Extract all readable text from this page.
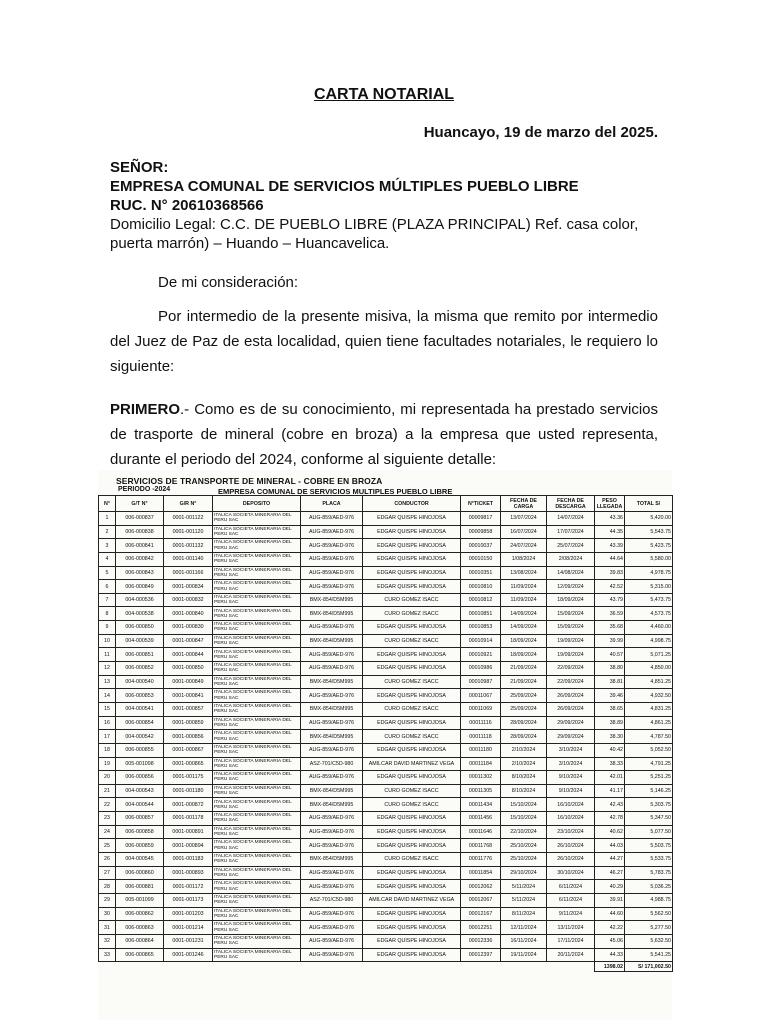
CARTA NOTARIAL
Huancayo, 19 de marzo del 2025.
SEÑOR:
EMPRESA COMUNAL DE SERVICIOS MÚLTIPLES PUEBLO LIBRE
RUC. N° 20610368566
Domicilio Legal: C.C. DE PUEBLO LIBRE (PLAZA PRINCIPAL) Ref. casa color, puerta marrón) – Huando – Huancavelica.
De mi consideración:
Por intermedio de la presente misiva, la misma que remito por intermedio del Juez de Paz de esta localidad, quien tiene facultades notariales, le requiero lo siguiente:
PRIMERO.- Como es de su conocimiento, mi representada ha prestado servicios de trasporte de mineral (cobre en broza) a la empresa que usted representa, durante el periodo del 2024, conforme al siguiente detalle:
SERVICIOS DE TRANSPORTE DE MINERAL - COBRE EN BROZA
PERIODO -2024	EMPRESA COMUNAL DE SERVICIOS MULTIPLES PUEBLO LIBRE
N°	G/T N°	G/R N°	DEPOSITO	PLACA	CONDUCTOR	N°TICKET	FECHA DE CARGA	FECHA DE DESCARGA	PESO LLEGADA	TOTAL S/
1	006-000837	0001-001122	ITALICA SOCIETA MINERARIA DEL PERU SAC	AUG-859/AED-976	EDGAR QUISPE HINOJOSA	00009817	13/07/2024	14/07/2024	43.36	5,420.00
2	006-000838	0001-001120	ITALICA SOCIETA MINERARIA DEL PERU SAC	AUG-859/AED-976	EDGAR QUISPE HINOJOSA	00009858	16/07/2024	17/07/2024	44.35	5,543.75
3	006-000841	0001-001132	ITALICA SOCIETA MINERARIA DEL PERU SAC	AUG-859/AED-976	EDGAR QUISPE HINOJOSA	00010037	24/07/2024	25/07/2024	43.39	5,423.75
4	006-000842	0001-001140	ITALICA SOCIETA MINERARIA DEL PERU SAC	AUG-859/AED-976	EDGAR QUISPE HINOJOSA	00010150	1/08/2024	2/08/2024	44.64	5,580.00
5	006-000843	0001-001166	ITALICA SOCIETA MINERARIA DEL PERU SAC	AUG-859/AED-976	EDGAR QUISPE HINOJOSA	00010351	13/08/2024	14/08/2024	39.83	4,978.75
6	006-000849	0001-000834	ITALICA SOCIETA MINERARIA DEL PERU SAC	AUG-859/AED-976	EDGAR QUISPE HINOJOSA	00010810	11/09/2024	12/09/2024	42.52	5,315.00
7	004-000536	0001-000832	ITALICA SOCIETA MINERARIA DEL PERU SAC	BMX-854/D5M995	CURO GOMEZ ISACC	00010812	11/09/2024	18/09/2024	43.79	5,473.75
8	004-000538	0001-000840	ITALICA SOCIETA MINERARIA DEL PERU SAC	BMX-854/D5M995	CURO GOMEZ ISACC	00010851	14/09/2024	15/09/2024	36.59	4,573.75
9	006-000850	0001-000830	ITALICA SOCIETA MINERARIA DEL PERU SAC	AUG-859/AED-976	EDGAR QUISPE HINOJOSA	00010853	14/09/2024	15/09/2024	35.68	4,460.00
10	004-000539	0001-000847	ITALICA SOCIETA MINERARIA DEL PERU SAC	BMX-854/D5M995	CURO GOMEZ ISACC	00010914	18/09/2024	19/09/2024	39.99	4,998.75
11	006-000851	0001-000844	ITALICA SOCIETA MINERARIA DEL PERU SAC	AUG-859/AED-976	EDGAR QUISPE HINOJOSA	00010921	18/09/2024	19/09/2024	40.57	5,071.25
12	006-000852	0001-000850	ITALICA SOCIETA MINERARIA DEL PERU SAC	AUG-859/AED-976	EDGAR QUISPE HINOJOSA	00010986	21/09/2024	22/09/2024	38.80	4,850.00
13	004-000540	0001-000849	ITALICA SOCIETA MINERARIA DEL PERU SAC	BMX-854/D5M995	CURO GOMEZ ISACC	00010987	21/09/2024	22/09/2024	38.81	4,851.25
14	006-000853	0001-000841	ITALICA SOCIETA MINERARIA DEL PERU SAC	AUG-859/AED-976	EDGAR QUISPE HINOJOSA	00011067	25/09/2024	26/09/2024	39.46	4,932.50
15	004-000541	0001-000857	ITALICA SOCIETA MINERARIA DEL PERU SAC	BMX-854/D5M995	CURO GOMEZ ISACC	00011069	25/09/2024	26/09/2024	38.65	4,831.25
16	006-000854	0001-000859	ITALICA SOCIETA MINERARIA DEL PERU SAC	AUG-859/AED-976	EDGAR QUISPE HINOJOSA	00011116	28/09/2024	29/09/2024	38.89	4,861.25
17	004-000542	0001-000856	ITALICA SOCIETA MINERARIA DEL PERU SAC	BMX-854/D5M995	CURO GOMEZ ISACC	00011118	28/09/2024	29/09/2024	38.30	4,787.50
18	006-000855	0001-000867	ITALICA SOCIETA MINERARIA DEL PERU SAC	AUG-859/AED-976	EDGAR QUISPE HINOJOSA	00011180	2/10/2024	3/10/2024	40.42	5,052.50
19	005-001098	0001-000865	ITALICA SOCIETA MINERARIA DEL PERU SAC	ASZ-701/C5D-980	AMILCAR DAVID MARTINEZ VEGA	00011184	2/10/2024	3/10/2024	38.33	4,791.25
20	006-000856	0001-001175	ITALICA SOCIETA MINERARIA DEL PERU SAC	AUG-859/AED-976	EDGAR QUISPE HINOJOSA	00011302	8/10/2024	9/10/2024	42.01	5,251.25
21	004-000543	0001-001180	ITALICA SOCIETA MINERARIA DEL PERU SAC	BMX-854/D5M995	CURO GOMEZ ISACC	00011305	8/10/2024	9/10/2024	41.17	5,146.25
22	004-000544	0001-000872	ITALICA SOCIETA MINERARIA DEL PERU SAC	BMX-854/D5M995	CURO GOMEZ ISACC	00011434	15/10/2024	16/10/2024	42.43	5,303.75
23	006-000857	0001-001178	ITALICA SOCIETA MINERARIA DEL PERU SAC	AUG-859/AED-976	EDGAR QUISPE HINOJOSA	00011456	15/10/2024	16/10/2024	42.78	5,347.50
24	006-000858	0001-000891	ITALICA SOCIETA MINERARIA DEL PERU SAC	AUG-859/AED-976	EDGAR QUISPE HINOJOSA	00011646	22/10/2024	23/10/2024	40.62	5,077.50
25	006-000859	0001-000894	ITALICA SOCIETA MINERARIA DEL PERU SAC	AUG-859/AED-976	EDGAR QUISPE HINOJOSA	00011768	25/10/2024	26/10/2024	44.03	5,503.75
26	004-000545	0001-001183	ITALICA SOCIETA MINERARIA DEL PERU SAC	BMX-854/D5M995	CURO GOMEZ ISACC	00011776	25/10/2024	26/10/2024	44.27	5,533.75
27	006-000860	0001-000893	ITALICA SOCIETA MINERARIA DEL PERU SAC	AUG-859/AED-976	EDGAR QUISPE HINOJOSA	00011854	29/10/2024	30/10/2024	46.27	5,783.75
28	006-000881	0001-001172	ITALICA SOCIETA MINERARIA DEL PERU SAC	AUG-859/AED-976	EDGAR QUISPE HINOJOSA	00012062	5/11/2024	6/11/2024	40.29	5,036.25
29	005-001099	0001-001173	ITALICA SOCIETA MINERARIA DEL PERU SAC	ASZ-701/C5D-980	AMILCAR DAVID MARTINEZ VEGA	00012067	5/11/2024	6/11/2024	39.91	4,988.75
30	006-000862	0001-001203	ITALICA SOCIETA MINERARIA DEL PERU SAC	AUG-859/AED-976	EDGAR QUISPE HINOJOSA	00012167	8/11/2024	9/11/2024	44.60	5,562.50
31	006-000863	0001-001214	ITALICA SOCIETA MINERARIA DEL PERU SAC	AUG-859/AED-976	EDGAR QUISPE HINOJOSA	00012251	12/11/2024	13/11/2024	42.22	5,277.50
32	006-000864	0001-001231	ITALICA SOCIETA MINERARIA DEL PERU SAC	AUG-859/AED-976	EDGAR QUISPE HINOJOSA	00012336	16/11/2024	17/11/2024	45.06	5,632.50
33	006-000865	0001-001246	ITALICA SOCIETA MINERARIA DEL PERU SAC	AUG-859/AED-976	EDGAR QUISPE HINOJOSA	00012397	19/11/2024	20/11/2024	44.33	5,541.25
									1398.02	S/ 171,002.50
